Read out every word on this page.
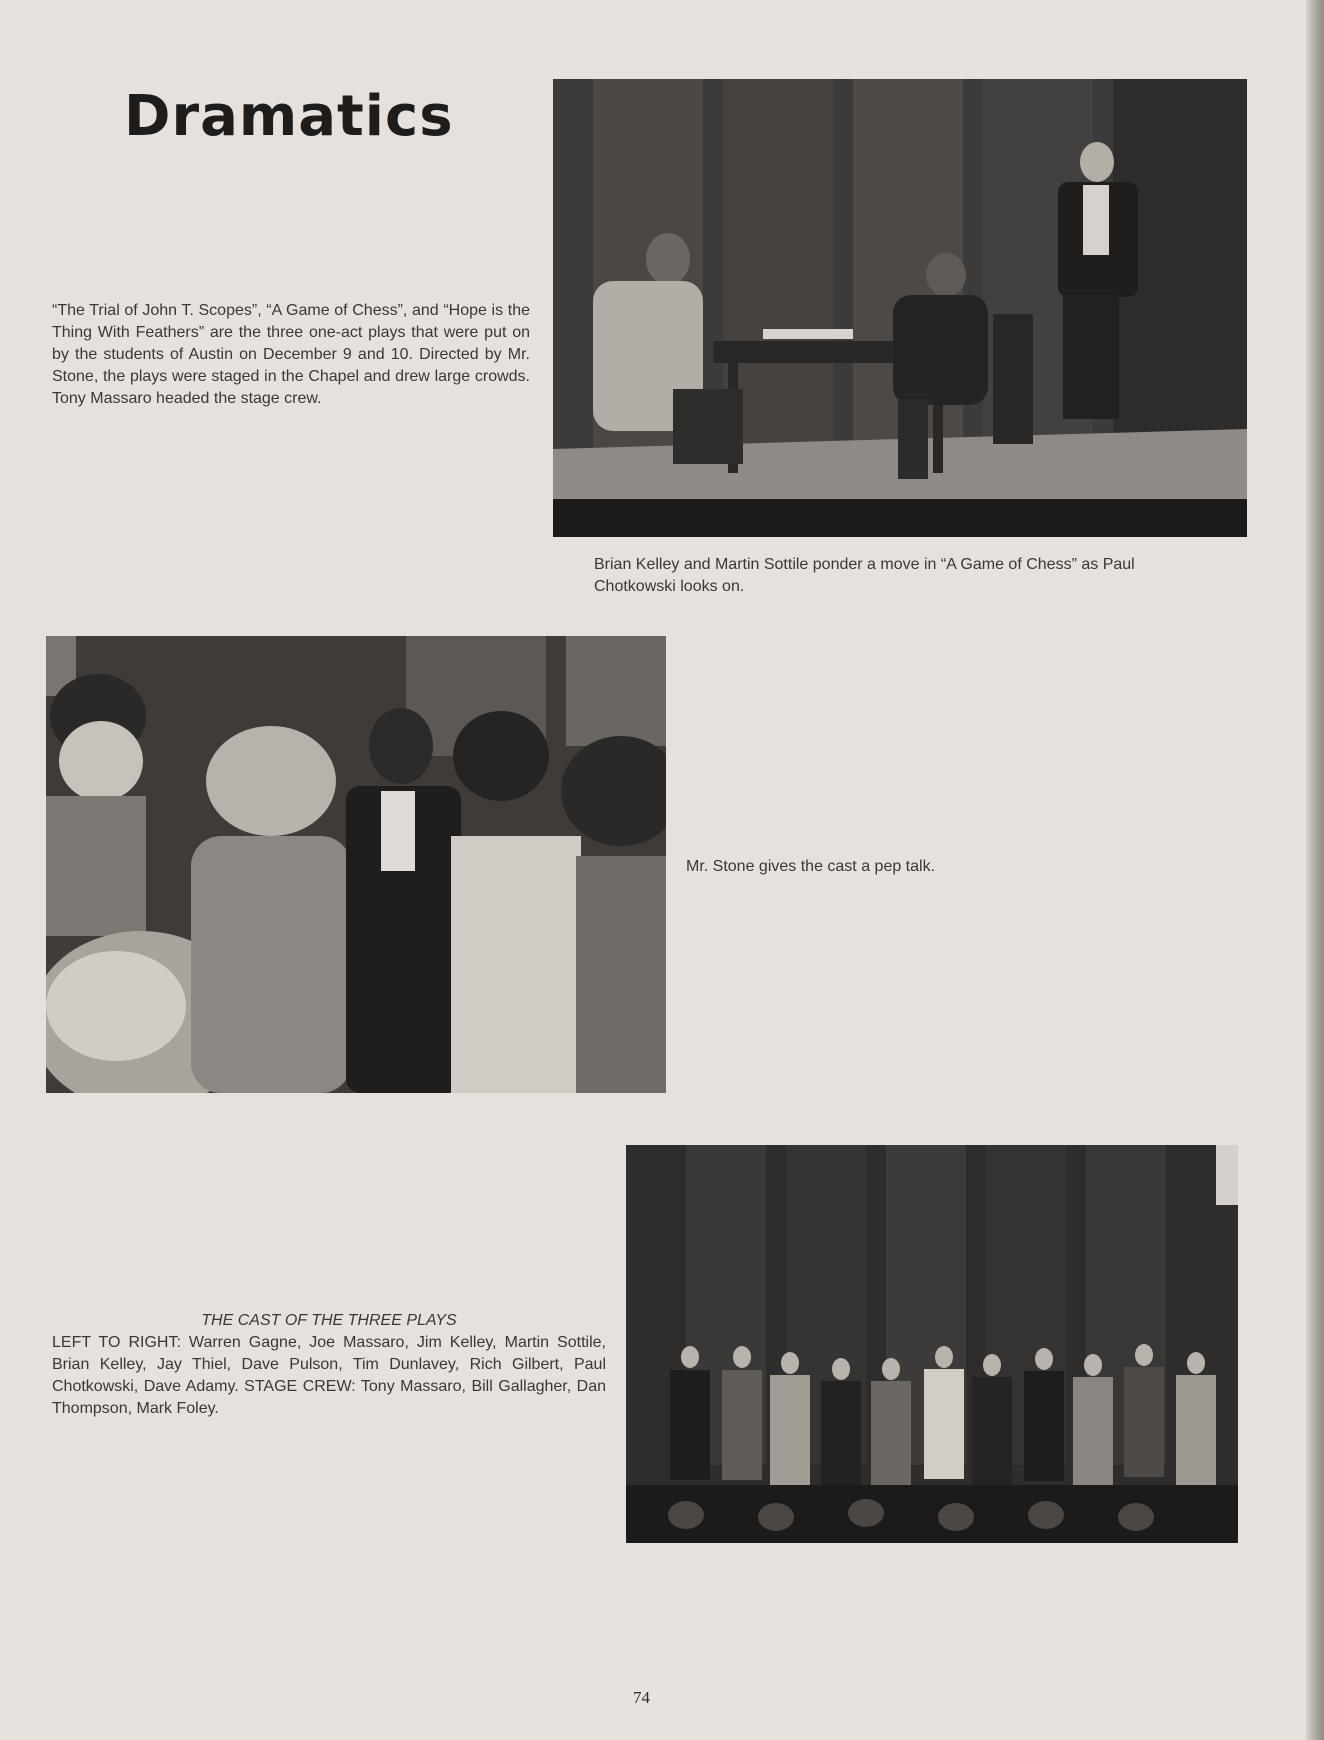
Dramatics

“The Trial of John T. Scopes”, “A Game of Chess”, and “Hope is the Thing With Feathers” are the three one-act plays that were put on by the students of Austin on December 9 and 10. Directed by Mr. Stone, the plays were staged in the Chapel and drew large crowds. Tony Massaro headed the stage crew.

Brian Kelley and Martin Sottile ponder a move in “A Game of Chess” as Paul Chotkowski looks on.

Mr. Stone gives the cast a pep talk.

THE CAST OF THE THREE PLAYS

LEFT TO RIGHT: Warren Gagne, Joe Massaro, Jim Kelley, Martin Sottile, Brian Kelley, Jay Thiel, Dave Pulson, Tim Dunlavey, Rich Gilbert, Paul Chotkowski, Dave Adamy. STAGE CREW: Tony Massaro, Bill Gallagher, Dan Thompson, Mark Foley.

74
